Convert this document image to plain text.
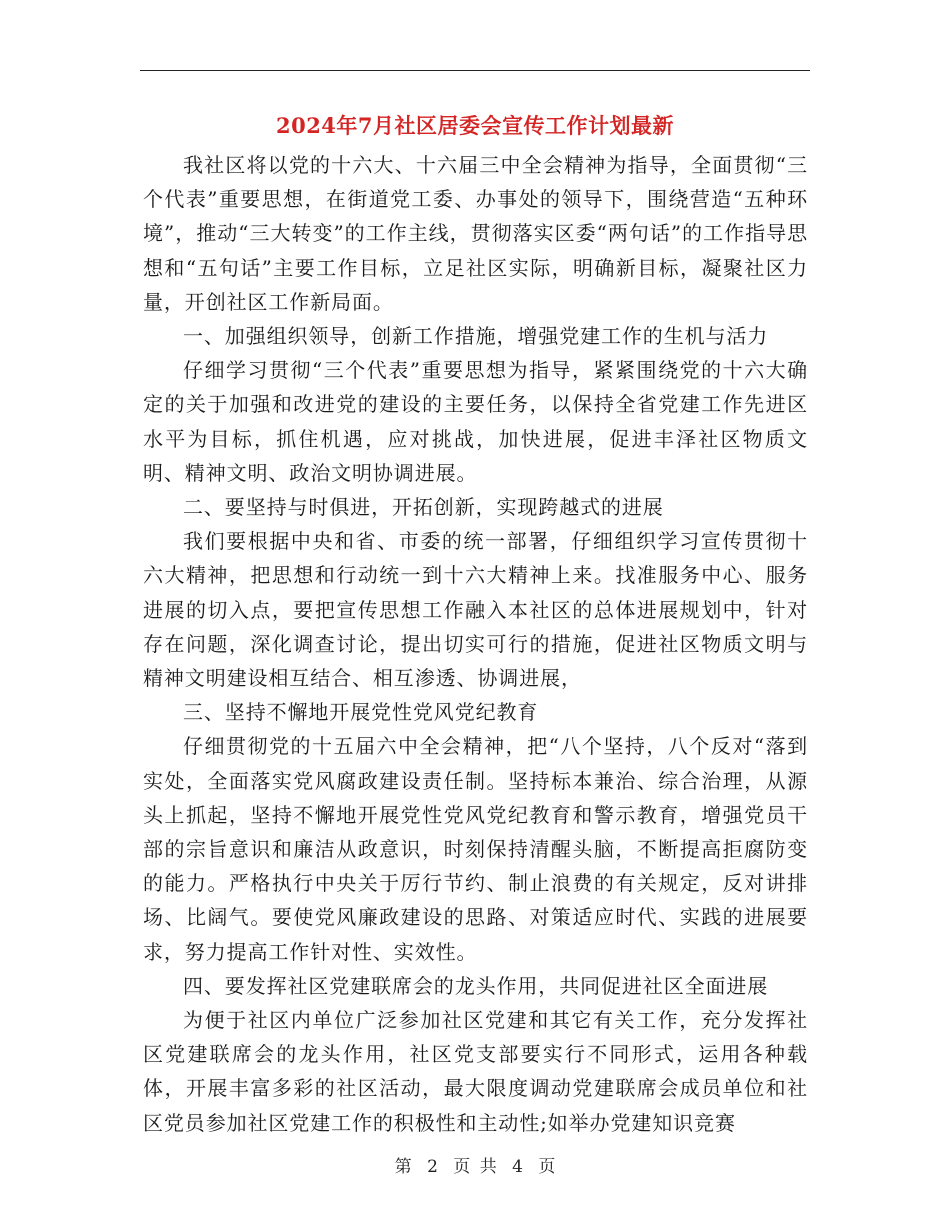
2024年7月社区居委会宣传工作计划最新

我社区将以党的十六大、十六届三中全会精神为指导，全面贯彻“三个代表”重要思想，在街道党工委、办事处的领导下，围绕营造“五种环境”，推动“三大转变”的工作主线，贯彻落实区委“两句话”的工作指导思想和“五句话”主要工作目标，立足社区实际，明确新目标，凝聚社区力量，开创社区工作新局面。

一、加强组织领导，创新工作措施，增强党建工作的生机与活力

仔细学习贯彻“三个代表”重要思想为指导，紧紧围绕党的十六大确定的关于加强和改进党的建设的主要任务，以保持全省党建工作先进区水平为目标，抓住机遇，应对挑战，加快进展，促进丰泽社区物质文明、精神文明、政治文明协调进展。

二、要坚持与时俱进，开拓创新，实现跨越式的进展

我们要根据中央和省、市委的统一部署，仔细组织学习宣传贯彻十六大精神，把思想和行动统一到十六大精神上来。找准服务中心、服务进展的切入点，要把宣传思想工作融入本社区的总体进展规划中，针对存在问题，深化调查讨论，提出切实可行的措施，促进社区物质文明与精神文明建设相互结合、相互渗透、协调进展，

三、坚持不懈地开展党性党风党纪教育

仔细贯彻党的十五届六中全会精神，把“八个坚持，八个反对“落到实处，全面落实党风腐政建设责任制。坚持标本兼治、综合治理，从源头上抓起，坚持不懈地开展党性党风党纪教育和警示教育，增强党员干部的宗旨意识和廉洁从政意识，时刻保持清醒头脑，不断提高拒腐防变的能力。严格执行中央关于厉行节约、制止浪费的有关规定，反对讲排场、比阔气。要使党风廉政建设的思路、对策适应时代、实践的进展要求，努力提高工作针对性、实效性。

四、要发挥社区党建联席会的龙头作用，共同促进社区全面进展

为便于社区内单位广泛参加社区党建和其它有关工作，充分发挥社区党建联席会的龙头作用，社区党支部要实行不同形式，运用各种载体，开展丰富多彩的社区活动，最大限度调动党建联席会成员单位和社区党员参加社区党建工作的积极性和主动性;如举办党建知识竞赛

第 2 页 共 4 页
